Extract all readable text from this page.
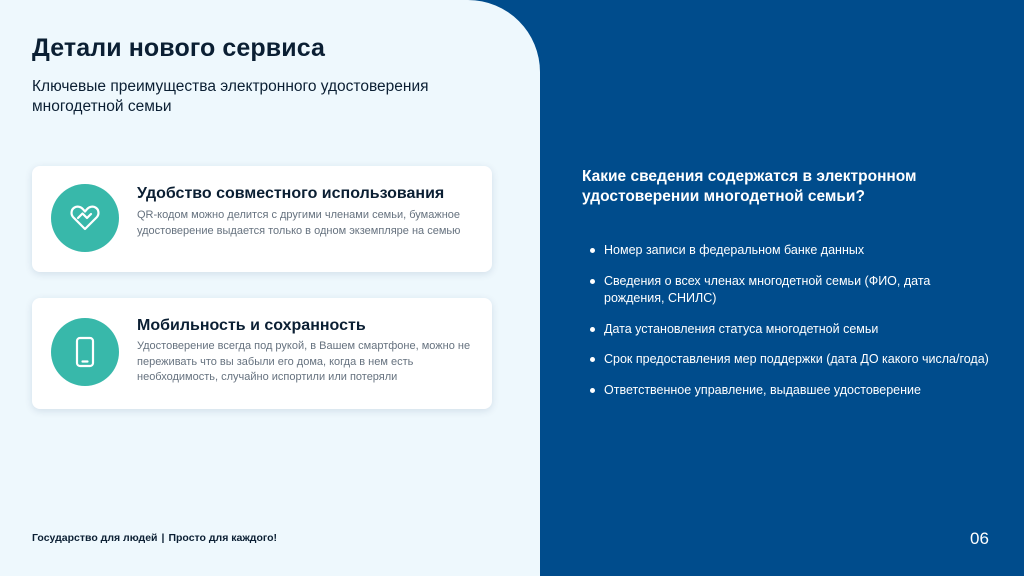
Детали нового сервиса
Ключевые преимущества электронного удостоверения многодетной семьи
Удобство совместного использования
QR-кодом можно делится с другими членами семьи, бумажное удостоверение выдается только в одном экземпляре на семью
Мобильность и сохранность
Удостоверение всегда под рукой, в Вашем смартфоне, можно не переживать что вы забыли его дома, когда в нем есть необходимость, случайно испортили или потеряли
Какие сведения содержатся в электронном удостоверении многодетной семьи?
Номер записи в федеральном банке данных
Сведения о всех членах многодетной семьи (ФИО, дата рождения, СНИЛС)
Дата установления статуса многодетной семьи
Срок предоставления мер поддержки (дата ДО какого числа/года)
Ответственное управление, выдавшее удостоверение
Государство для людей | Просто для каждого!	06
